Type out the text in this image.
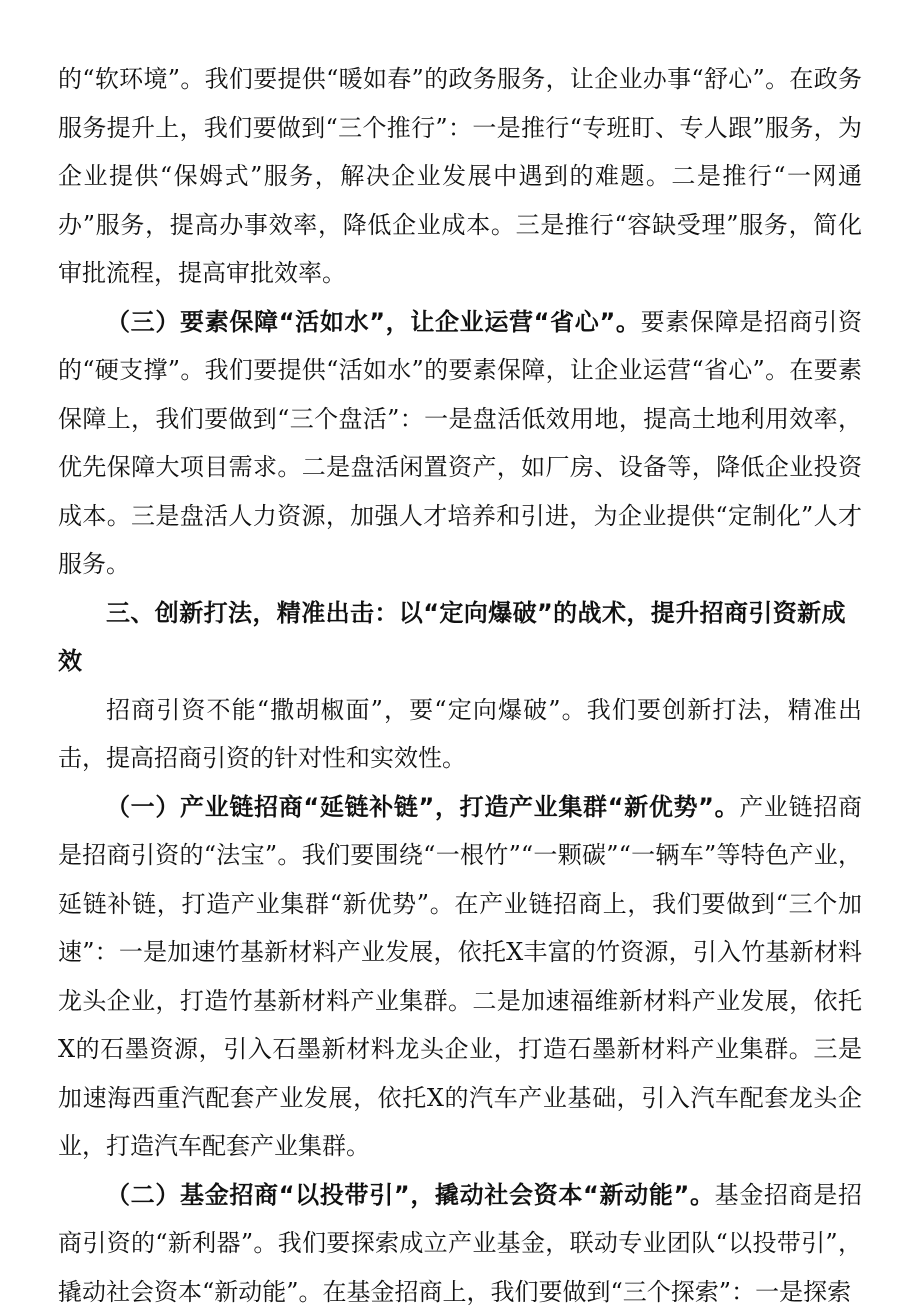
的“软环境”。我们要提供“暖如春”的政务服务，让企业办事“舒心”。在政务服务提升上，我们要做到“三个推行”：一是推行“专班盯、专人跟”服务，为企业提供“保姆式”服务，解决企业发展中遇到的难题。二是推行“一网通办”服务，提高办事效率，降低企业成本。三是推行“容缺受理”服务，简化审批流程，提高审批效率。

（三）要素保障“活如水”，让企业运营“省心”。要素保障是招商引资的“硬支撑”。我们要提供“活如水”的要素保障，让企业运营“省心”。在要素保障上，我们要做到“三个盘活”：一是盘活低效用地，提高土地利用效率，优先保障大项目需求。二是盘活闲置资产，如厂房、设备等，降低企业投资成本。三是盘活人力资源，加强人才培养和引进，为企业提供“定制化”人才服务。

三、创新打法，精准出击：以“定向爆破”的战术，提升招商引资新成效

招商引资不能“撒胡椒面”，要“定向爆破”。我们要创新打法，精准出击，提高招商引资的针对性和实效性。

（一）产业链招商“延链补链”，打造产业集群“新优势”。产业链招商是招商引资的“法宝”。我们要围绕“一根竹”“一颗碳”“一辆车”等特色产业，延链补链，打造产业集群“新优势”。在产业链招商上，我们要做到“三个加速”：一是加速竹基新材料产业发展，依托X丰富的竹资源，引入竹基新材料龙头企业，打造竹基新材料产业集群。二是加速福维新材料产业发展，依托X的石墨资源，引入石墨新材料龙头企业，打造石墨新材料产业集群。三是加速海西重汽配套产业发展，依托X的汽车产业基础，引入汽车配套龙头企业，打造汽车配套产业集群。

（二）基金招商“以投带引”，撬动社会资本“新动能”。基金招商是招商引资的“新利器”。我们要探索成立产业基金，联动专业团队“以投带引”，撬动社会资本“新动能”。在基金招商上，我们要做到“三个探索”：一是探索
